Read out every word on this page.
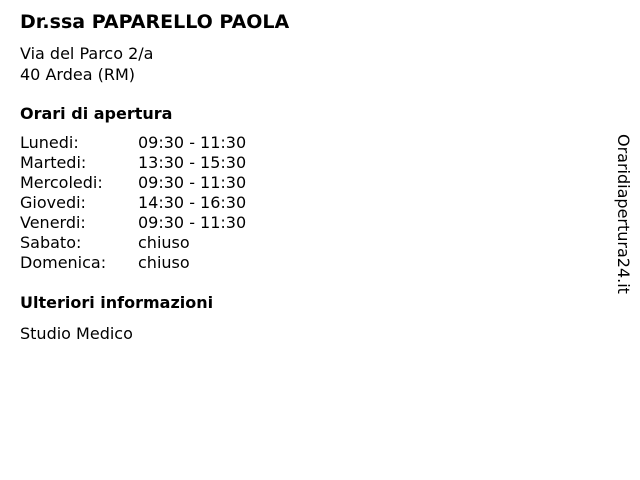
Dr.ssa PAPARELLO PAOLA
Via del Parco 2/a
40 Ardea (RM)
Orari di apertura
Lunedi:	09:30 - 11:30
Martedi:	13:30 - 15:30
Mercoledi: 09:30 - 11:30
Giovedi:	14:30 - 16:30
Venerdi:	09:30 - 11:30
Sabato:	chiuso
Domenica: chiuso
Ulteriori informazioni
Studio Medico
Oraridiapertura24.it
